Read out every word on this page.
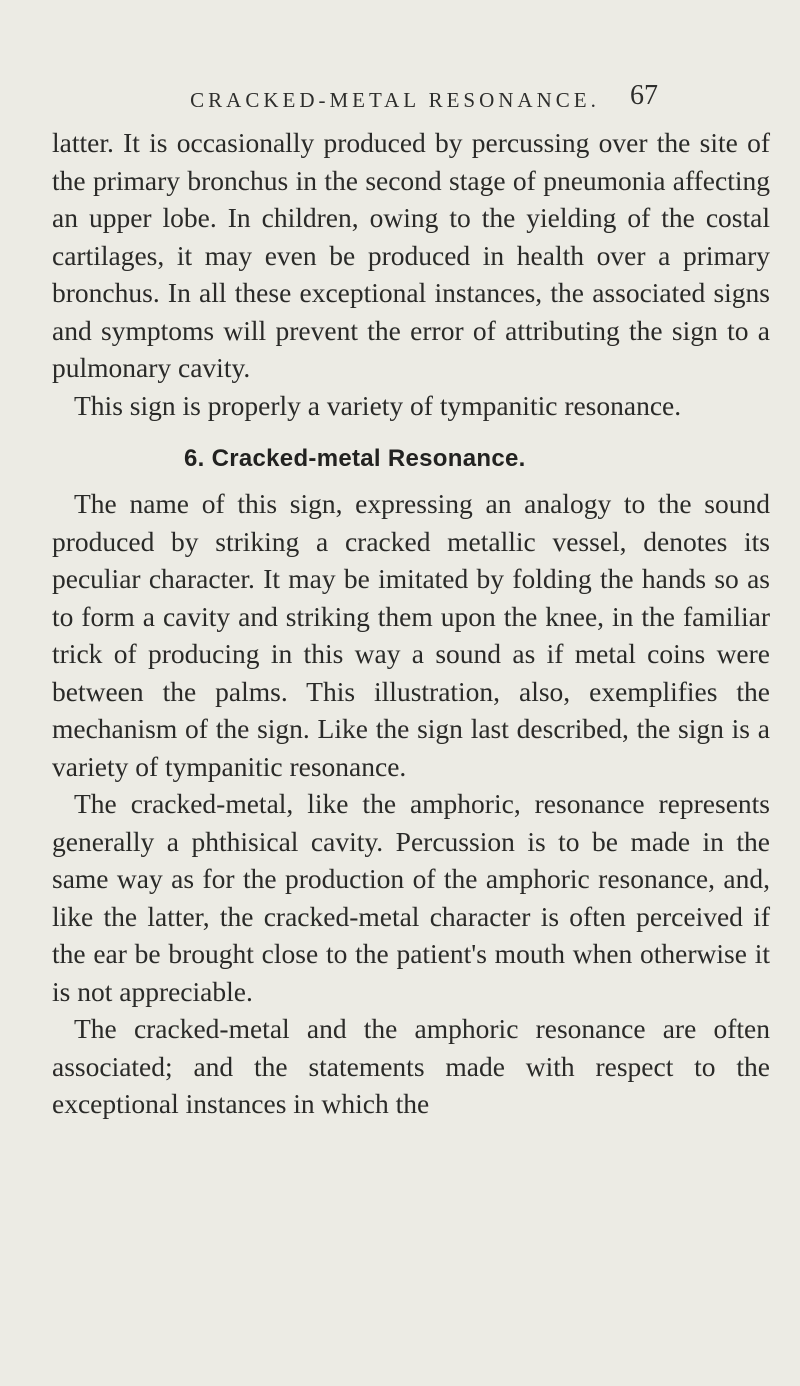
CRACKED-METAL RESONANCE.	67

latter. It is occasionally produced by percussing over the site of the primary bronchus in the second stage of pneumonia affecting an upper lobe. In children, owing to the yielding of the costal cartilages, it may even be produced in health over a primary bronchus. In all these exceptional instances, the associated signs and symptoms will prevent the error of attributing the sign to a pulmonary cavity.

This sign is properly a variety of tympanitic resonance.

6. Cracked-metal Resonance.

The name of this sign, expressing an analogy to the sound produced by striking a cracked metallic vessel, denotes its peculiar character. It may be imitated by folding the hands so as to form a cavity and striking them upon the knee, in the familiar trick of producing in this way a sound as if metal coins were between the palms. This illustration, also, exemplifies the mechanism of the sign. Like the sign last described, the sign is a variety of tympanitic resonance.

The cracked-metal, like the amphoric, resonance represents generally a phthisical cavity. Percussion is to be made in the same way as for the production of the amphoric resonance, and, like the latter, the cracked-metal character is often perceived if the ear be brought close to the patient's mouth when otherwise it is not appreciable.

The cracked-metal and the amphoric resonance are often associated; and the statements made with respect to the exceptional instances in which the
